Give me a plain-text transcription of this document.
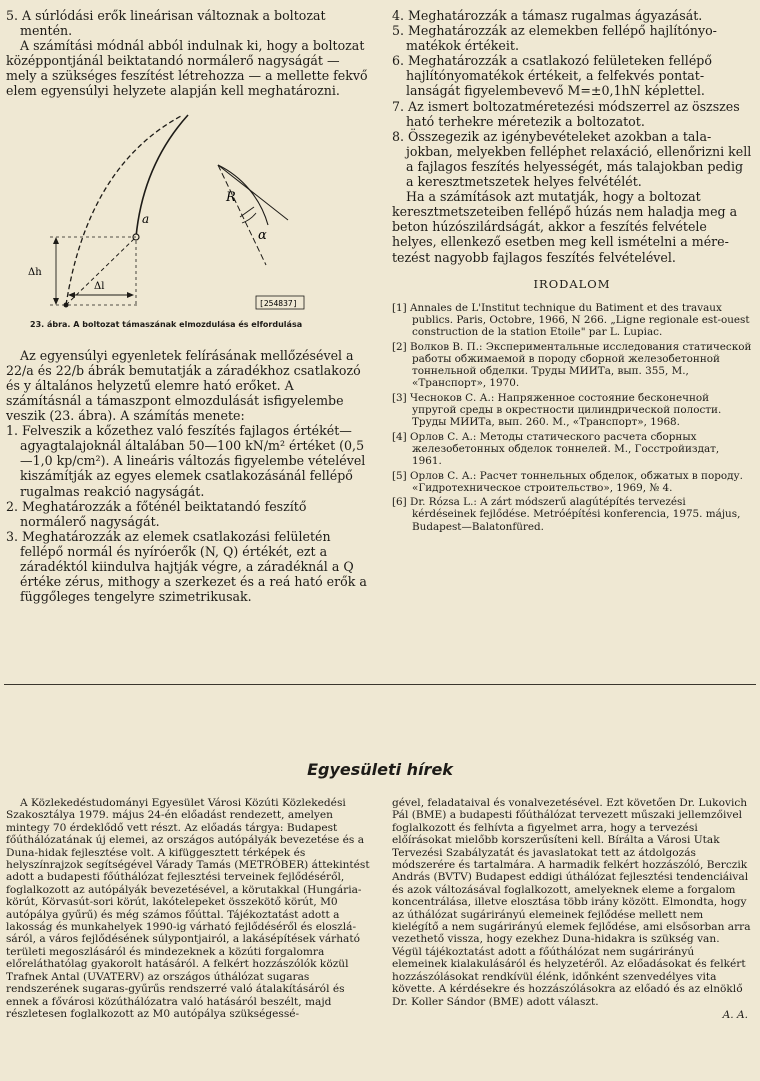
5. A súrlódási erők lineárisan változnak a boltozat mentén.

A számítási módnál abból indulnak ki, hogy a boltozat középpontjánál beiktatandó normálerő nagyságát — mely a szükséges feszítést létrehozza — a mellette fekvő elem egyensúlyi helyzete alapján kell meghatározni.

a
Δh
Δl
R
α
[254837]

23. ábra. A boltozat támaszának elmozdulása és elfordulása

Az egyensúlyi egyenletek felírásának mellőzésével a 22/a és 22/b ábrák bemutatják a záradékhoz csatlakozó és y általános helyzetű elemre ható erőket. A számításnál a támaszpont elmozdulását isfigyelembe veszik (23. ábra). A számítás menete:

1. Felveszik a kőzethez való feszítés fajlagos értékét—agyagtalajoknál általában 50—100 kN/m² értéket (0,5—1,0 kp/cm²). A lineáris változás figyelembe vételével kiszámítják az egyes elemek csatlakozásánál fellépő rugalmas reakció nagyságát.

2. Meghatározzák a főténél beiktatandó feszítő normálerő nagyságát.

3. Meghatározzák az elemek csatlakozási felületén fellépő normál és nyíróerők (N, Q) értékét, ezt a záradéktól kiindulva hajtják végre, a záradéknál a Q értéke zérus, mithogy a szerkezet és a reá ható erők a függőleges tengelyre szimetrikusak.

4. Meghatározzák a támasz rugalmas ágyazását.

5. Meghatározzák az elemekben fellépő hajlítónyomatékok értékeit.

6. Meghatározzák a csatlakozó felületeken fellépő hajlítónyomatékok értékeit, a felfekvés pontatlanságát figyelembevevő M=±0,1hN képlettel.

7. Az ismert boltozatméretezési módszerrel az öszszes ható terhekre méretezik a boltozatot.

8. Összegezik az igénybevételeket azokban a talajokban, melyekben felléphet relaxáció, ellenőrizni kell a fajlagos feszítés helyességét, más talajokban pedig a keresztmetszetek helyes felvétélét.

Ha a számítások azt mutatják, hogy a boltozat keresztmetszeteiben fellépő húzás nem haladja meg a beton húzószilárdságát, akkor a feszítés felvétele helyes, ellenkező esetben meg kell ismételni a méretezést nagyobb fajlagos feszítés felvételével.

IRODALOM

[1] Annales de L'Institut technique du Batiment et des travaux publics. Paris, Octobre, 1966, N 266. „Ligne regionale est-ouest construction de la station Etoile" par L. Lupiac.

[2] Волков В. П.: Экспериментальные исследования статической работы обжимаемой в породу сборной железобетонной тоннельной обделки. Труды МИИТа, вып. 355, М., «Транспорт», 1970.

[3] Чесноков С. А.: Напряженное состояние бесконечной упругой среды в окрестности цилиндрической полости. Труды МИИТа, вып. 260. М., «Транспорт», 1968.

[4] Орлов С. А.: Методы статического расчета сборных железобетонных обделок тоннелей. М., Госстройиздат, 1961.

[5] Орлов С. А.: Расчет тоннельных обделок, обжатых в породу. «Гидротехническое строительство», 1969, № 4.

[6] Dr. Rózsa L.: A zárt módszerű alagútépítés tervezési kérdéseinek fejlődése. Metróépítési konferencia, 1975. május, Budapest—Balatonfüred.

Egyesületi hírek

A Közlekedéstudományi Egyesület Városi Közúti Közlekedési Szakosztálya 1979. május 24-én előadást rendezett, amelyen mintegy 70 érdeklődő vett részt. Az előadás tárgya: Budapest főúthálózatának új elemei, az országos autópályák bevezetése és a Duna-hidak fejlesztése volt. A kifüggesztett térképek és helyszínrajzok segítségével Várady Tamás (METRÓBER) áttekintést adott a budapesti főúthálózat fejlesztési terveinek fejlődéséről, foglalkozott az autópályák bevezetésével, a körutakkal (Hungária-körút, Körvasút-sori körút, lakótelepeket összekötő körút, M0 autópálya gyűrű) és még számos főúttal. Tájékoztatást adott a lakosság és munkahelyek 1990-ig várható fejlődéséről és eloszlásáról, a város fejlődésének súlypontjairól, a lakásépítések várható területi megoszlásáról és mindezeknek a közúti forgalomra előreláthatólag gyakorolt hatásáról. A felkért hozzászólók közül Trafnek Antal (UVATERV) az országos úthálózat sugaras rendszerének sugaras-gyűrűs rendszerré való átalakításáról és ennek a fővárosi közúthálózatra való hatásáról beszélt, majd részletesen foglalkozott az M0 autópálya szükségessé-

gével, feladataival és vonalvezetésével. Ezt követően Dr. Lukovich Pál (BME) a budapesti főúthálózat tervezett műszaki jellemzőivel foglalkozott és felhívta a figyelmet arra, hogy a tervezési előírásokat mielőbb korszerűsíteni kell. Bírálta a Városi Utak Tervezési Szabályzatát és javaslatokat tett az átdolgozás módszerére és tartalmára. A harmadik felkért hozzászóló, Berczik András (BVTV) Budapest eddigi úthálózat fejlesztési tendenciáival és azok változásával foglalkozott, amelyeknek eleme a forgalom koncentrálása, illetve elosztása több irány között. Elmondta, hogy az úthálózat sugárirányú elemeinek fejlődése mellett nem kielégítő a nem sugárirányú elemek fejlődése, ami elsősorban arra vezethető vissza, hogy ezekhez Duna-hidakra is szükség van. Végül tájékoztatást adott a főúthálózat nem sugárirányú elemeinek kialakulásáról és helyzetéről. Az előadásokat és felkért hozzászólásokat rendkívül élénk, időnként szenvedélyes vita követte. A kérdésekre és hozzászólásokra az előadó és az elnöklő Dr. Koller Sándor (BME) adott választ.

A. A.
